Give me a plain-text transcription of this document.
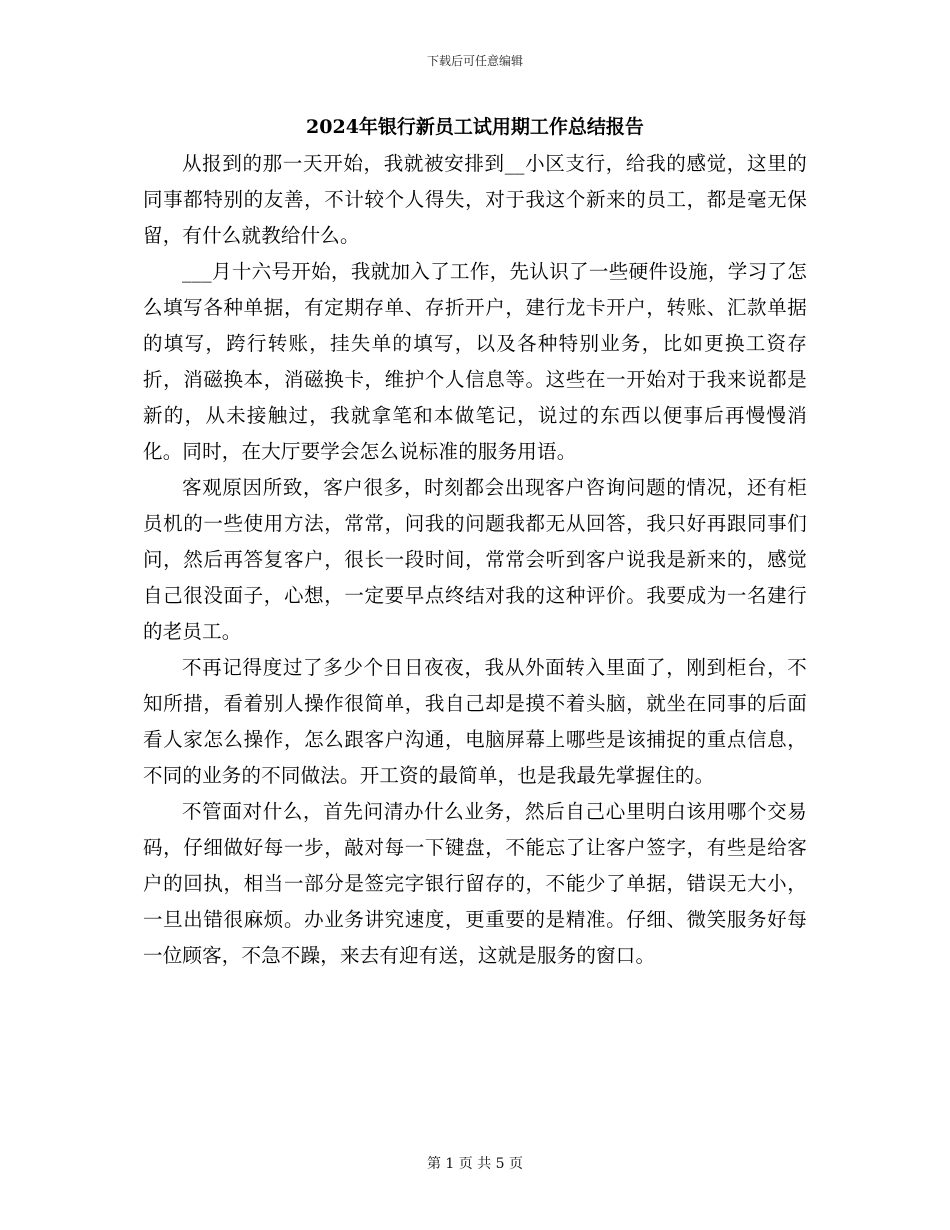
下载后可任意编辑
2024年银行新员工试用期工作总结报告

从报到的那一天开始，我就被安排到__小区支行，给我的感觉，这里的同事都特别的友善，不计较个人得失，对于我这个新来的员工，都是毫无保留，有什么就教给什么。

___月十六号开始，我就加入了工作，先认识了一些硬件设施，学习了怎么填写各种单据，有定期存单、存折开户，建行龙卡开户，转账、汇款单据的填写，跨行转账，挂失单的填写，以及各种特别业务，比如更换工资存折，消磁换本，消磁换卡，维护个人信息等。这些在一开始对于我来说都是新的，从未接触过，我就拿笔和本做笔记，说过的东西以便事后再慢慢消化。同时，在大厅要学会怎么说标准的服务用语。

客观原因所致，客户很多，时刻都会出现客户咨询问题的情况，还有柜员机的一些使用方法，常常，问我的问题我都无从回答，我只好再跟同事们问，然后再答复客户，很长一段时间，常常会听到客户说我是新来的，感觉自己很没面子，心想，一定要早点终结对我的这种评价。我要成为一名建行的老员工。

不再记得度过了多少个日日夜夜，我从外面转入里面了，刚到柜台，不知所措，看着别人操作很简单，我自己却是摸不着头脑，就坐在同事的后面看人家怎么操作，怎么跟客户沟通，电脑屏幕上哪些是该捕捉的重点信息，不同的业务的不同做法。开工资的最简单，也是我最先掌握住的。

不管面对什么，首先问清办什么业务，然后自己心里明白该用哪个交易码，仔细做好每一步，敲对每一下键盘，不能忘了让客户签字，有些是给客户的回执，相当一部分是签完字银行留存的，不能少了单据，错误无大小，一旦出错很麻烦。办业务讲究速度，更重要的是精准。仔细、微笑服务好每一位顾客，不急不躁，来去有迎有送，这就是服务的窗口。

第 1 页 共 5 页
